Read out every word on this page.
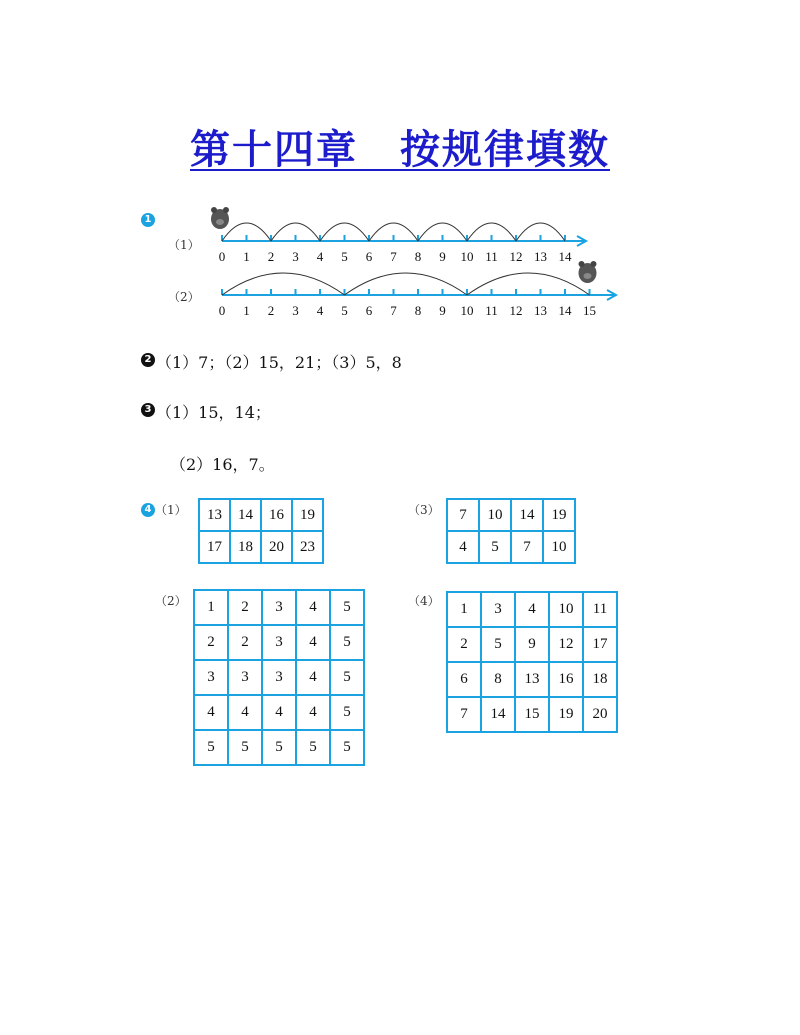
第十四章　按规律填数
1
（1）
（2）
0 1 2 3 4 5 6 7 8 9 10 11 12 13 14
0 1 2 3 4 5 6 7 8 9 10 11 12 13 14 15
2 （1）7；（2）15，21；（3）5，8
3 （1）15，14；
（2）16，7。
4 （1）
（2）
（3）
（4）
13	14	16	19
17	18	20	23
1	2	3	4	5
2	2	3	4	5
3	3	3	4	5
4	4	4	4	5
5	5	5	5	5
7	10	14	19
4	5	7	10
1	3	4	10	11
2	5	9	12	17
6	8	13	16	18
7	14	15	19	20
